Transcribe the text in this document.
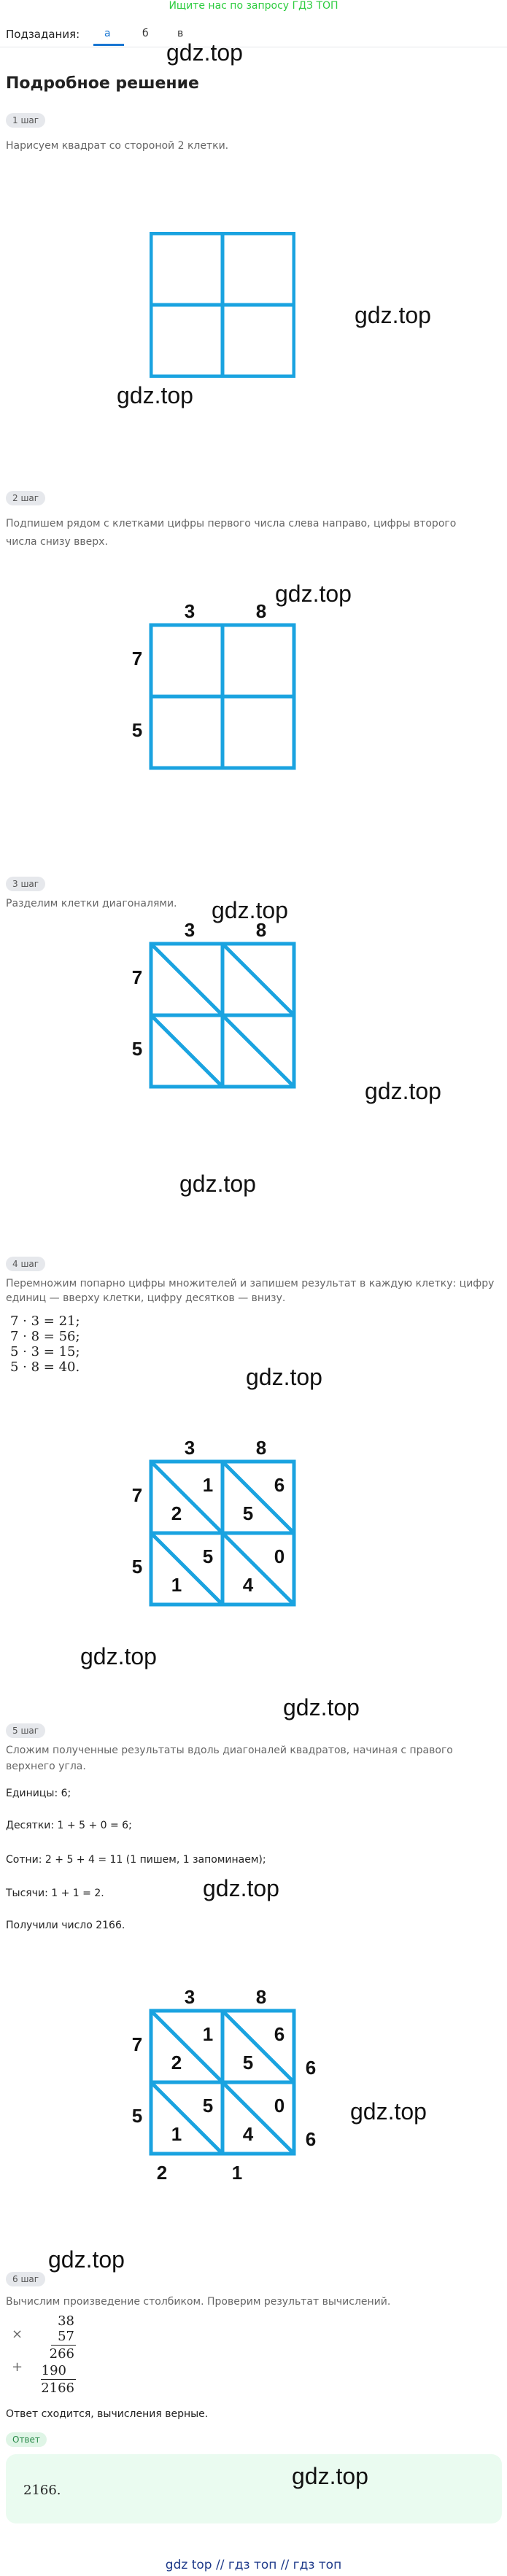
Ищите нас по запросу ГДЗ ТОП
Подзадания: а	б	в
gdz.top
Подробное решение
1 шаг
Нарисуем квадрат со стороной 2 клетки.
gdz.top
gdz.top
2 шаг
Подпишем рядом с клетками цифры первого числа слева направо, цифры второго
числа снизу вверх.
gdz.top
3	8
7
5
3 шаг
Разделим клетки диагоналями. gdz.top
3	8
7
5
gdz.top
gdz.top
4 шаг
Перемножим попарно цифры множителей и запишем результат в каждую клетку: цифру
единиц — вверху клетки, цифру десятков — внизу.
7 · 3 = 21;
7 · 8 = 56;
5 · 3 = 15;
5 · 8 = 40.	gdz.top
3	8
7
5
1
2
6
5
5
1
0
4
gdz.top
gdz.top
5 шаг
Сложим полученные результаты вдоль диагоналей квадратов, начиная с правого
верхнего угла.
Единицы: 6;
Десятки: 1 + 5 + 0 = 6;
Сотни: 2 + 5 + 4 = 11 (1 пишем, 1 запоминаем);
gdz.top
Тысячи: 1 + 1 = 2.
Получили число 2166.
3	8
7
5
1
2
6
5
5
1
0
4
6
6
2	1
gdz.top
gdz.top
6 шаг
Вычислим произведение столбиком. Проверим результат вычислений.
×
38
57
266
+	190
2166
Ответ сходится, вычисления верные.
Ответ
2166.
gdz.top
gdz top // гдз топ // гдз топ
